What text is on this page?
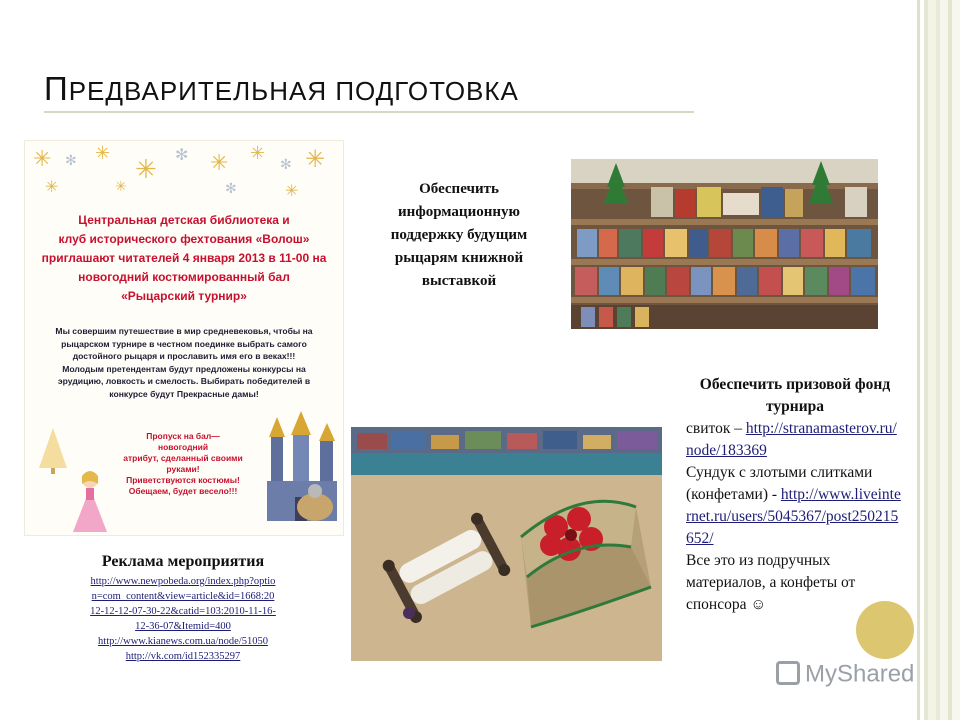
ПРЕДВАРИТЕЛЬНАЯ ПОДГОТОВКА
✳ ✻ ✳
✳
✻ ✳ ✳
✻ ✳
✳	✳	✻	✳
Центральная детская библиотека и
клуб исторического фехтования «Волош»
приглашают читателей 4 января 2013 в 11-00 на
новогодний костюмированный бал
«Рыцарский турнир»
Мы совершим путешествие в мир средневековья, чтобы на
рыцарском турнире в честном поединке выбрать самого
достойного рыцаря и прославить имя его в веках!!!
Молодым претендентам будут предложены конкурсы на
эрудицию, ловкость и смелость. Выбирать победителей в
конкурсе будут Прекрасные дамы!
Пропуск на бал—новогодний
атрибут, сделанный своими
руками!
Приветствуются костюмы!
Обещаем, будет весело!!!
Реклама мероприятия
http://www.newpobeda.org/index.php?optio
n=com_content&view=article&id=1668:20
12-12-12-07-30-22&catid=103:2010-11-16-
12-36-07&Itemid=400
http://www.kianews.com.ua/node/51050
http://vk.com/id152335297
Обеспечить информационную поддержку будущим рыцарям книжной выставкой
Обеспечить призовой фонд турнира
свиток – http://stranamasterov.ru/node/183369
Сундук с злотыми слитками (конфетами) - http://www.liveinternet.ru/users/5045367/post250215652/
Все это из подручных материалов, а конфеты от спонсора ☺
MyShared
